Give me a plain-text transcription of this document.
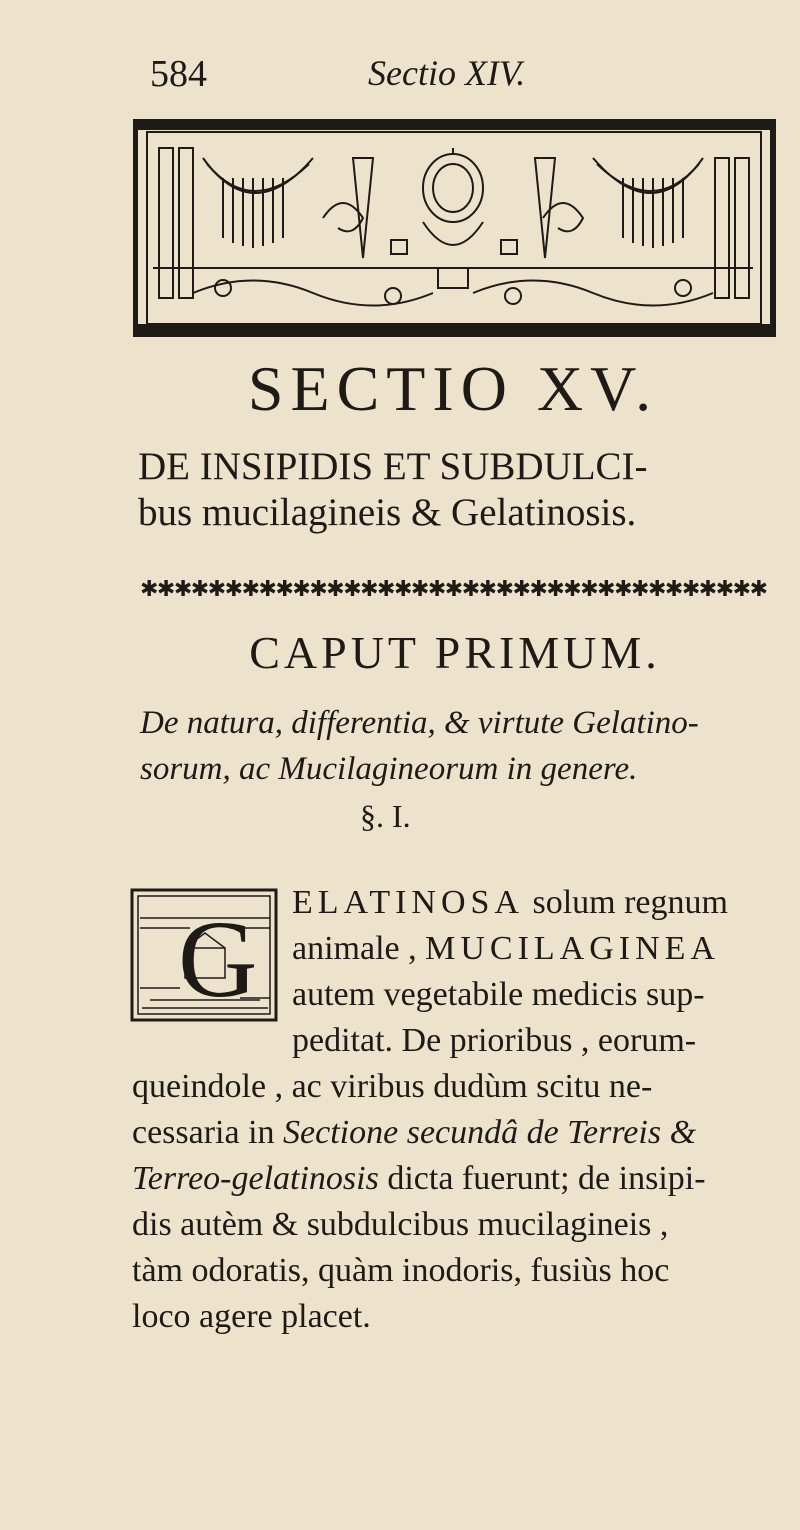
584	Sectio XIV.
SECTIO XV.
DE INSIPIDIS ET SUBDULCI-
bus mucilagineis & Gelatinosis.
✱✱✱✱✱✱✱✱✱✱✱✱✱✱✱✱✱✱✱✱✱✱✱✱✱✱✱✱✱✱✱✱✱✱✱✱✱
CAPUT PRIMUM.
De natura, differentia, & virtute Gelatino-
sorum, ac Mucilagineorum in genere.
§. I.
G	ELATINOSA solum regnum
animale , MUCILAGINEA
autem vegetabile medicis sup-
peditat. De prioribus , eorum-
queindole , ac viribus dudùm scitu ne-
cessaria in Sectione secundâ de Terreis &
Terreo-gelatinosis dicta fuerunt; de insipi-
dis autèm & subdulcibus mucilagineis ,
tàm odoratis, quàm inodoris, fusiùs hoc
loco agere placet.
